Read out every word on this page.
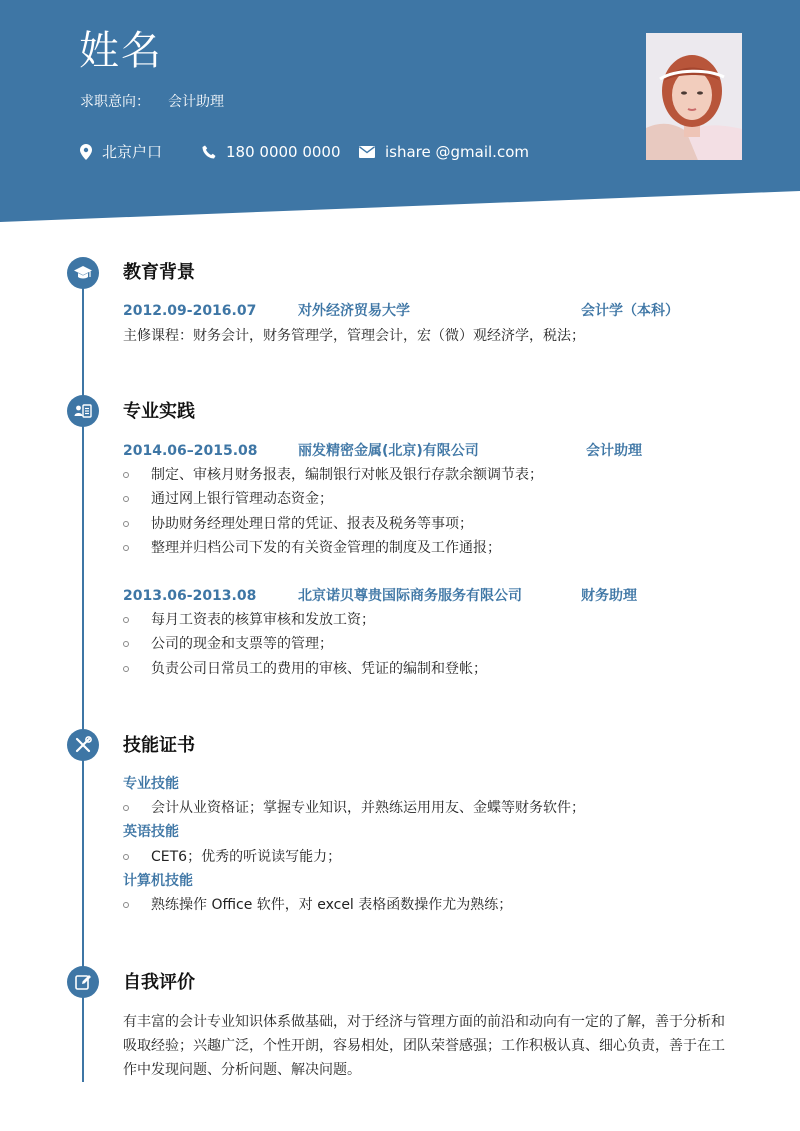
姓名
求职意向： 会计助理
北京户口	180 0000 0000	ishare @gmail.com
教育背景
2012.09-2016.07	对外经济贸易大学	会计学（本科）
主修课程：财务会计，财务管理学，管理会计，宏（微）观经济学，税法；
专业实践
2014.06–2015.08	丽发精密金属(北京)有限公司	会计助理
制定、审核月财务报表，编制银行对帐及银行存款余额调节表；
通过网上银行管理动态资金；
协助财务经理处理日常的凭证、报表及税务等事项；
整理并归档公司下发的有关资金管理的制度及工作通报；
2013.06-2013.08	北京诺贝尊贵国际商务服务有限公司	财务助理
每月工资表的核算审核和发放工资；
公司的现金和支票等的管理；
负责公司日常员工的费用的审核、凭证的编制和登帐；
技能证书
专业技能
会计从业资格证；掌握专业知识，并熟练运用用友、金蝶等财务软件；
英语技能
CET6；优秀的听说读写能力；
计算机技能
熟练操作 Office 软件，对 excel 表格函数操作尤为熟练；
自我评价
有丰富的会计专业知识体系做基础，对于经济与管理方面的前沿和动向有一定的了解，善于分析和吸取经验；兴趣广泛，个性开朗，容易相处，团队荣誉感强；工作积极认真、细心负责，善于在工作中发现问题、分析问题、解决问题。
